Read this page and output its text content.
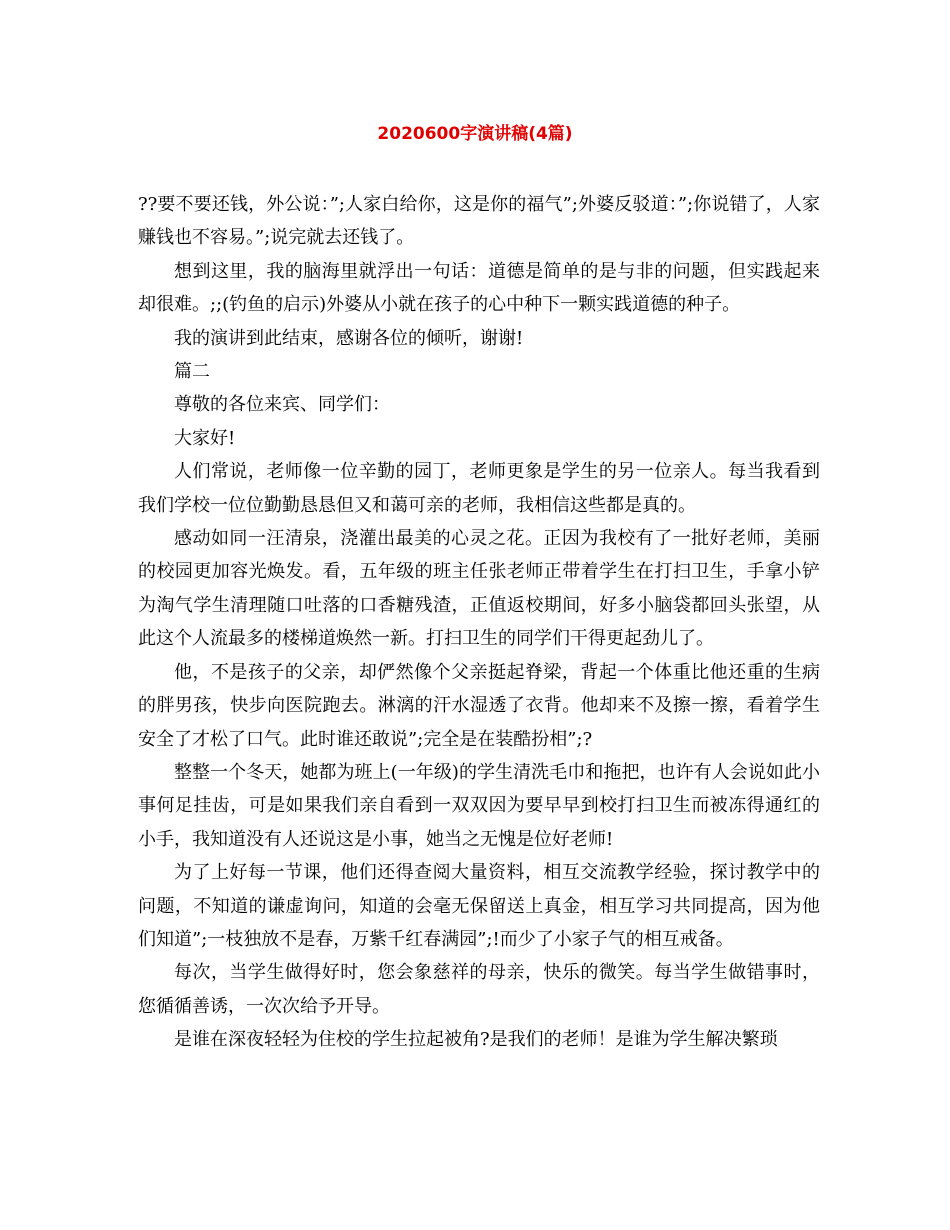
2020600字演讲稿(4篇)

??要不要还钱，外公说：”;人家白给你，这是你的福气”;外婆反驳道：”;你说错了，人家赚钱也不容易。”;说完就去还钱了。

想到这里，我的脑海里就浮出一句话：道德是简单的是与非的问题，但实践起来却很难。;;(钓鱼的启示)外婆从小就在孩子的心中种下一颗实践道德的种子。

我的演讲到此结束，感谢各位的倾听，谢谢!

篇二

尊敬的各位来宾、同学们：

大家好!

人们常说，老师像一位辛勤的园丁，老师更象是学生的另一位亲人。每当我看到我们学校一位位勤勤恳恳但又和蔼可亲的老师，我相信这些都是真的。

感动如同一汪清泉，浇灌出最美的心灵之花。正因为我校有了一批好老师，美丽的校园更加容光焕发。看，五年级的班主任张老师正带着学生在打扫卫生，手拿小铲为淘气学生清理随口吐落的口香糖残渣，正值返校期间，好多小脑袋都回头张望，从此这个人流最多的楼梯道焕然一新。打扫卫生的同学们干得更起劲儿了。

他，不是孩子的父亲，却俨然像个父亲挺起脊梁，背起一个体重比他还重的生病的胖男孩，快步向医院跑去。淋漓的汗水湿透了衣背。他却来不及擦一擦，看着学生安全了才松了口气。此时谁还敢说”;完全是在装酷扮相”;?

整整一个冬天，她都为班上(一年级)的学生清洗毛巾和拖把，也许有人会说如此小事何足挂齿，可是如果我们亲自看到一双双因为要早早到校打扫卫生而被冻得通红的小手，我知道没有人还说这是小事，她当之无愧是位好老师!

为了上好每一节课，他们还得查阅大量资料，相互交流教学经验，探讨教学中的问题，不知道的谦虚询问，知道的会毫无保留送上真金，相互学习共同提高，因为他们知道”;一枝独放不是春，万紫千红春满园”;!而少了小家子气的相互戒备。

每次，当学生做得好时，您会象慈祥的母亲，快乐的微笑。每当学生做错事时，您循循善诱，一次次给予开导。

是谁在深夜轻轻为住校的学生拉起被角?是我们的老师！是谁为学生解决繁琐
